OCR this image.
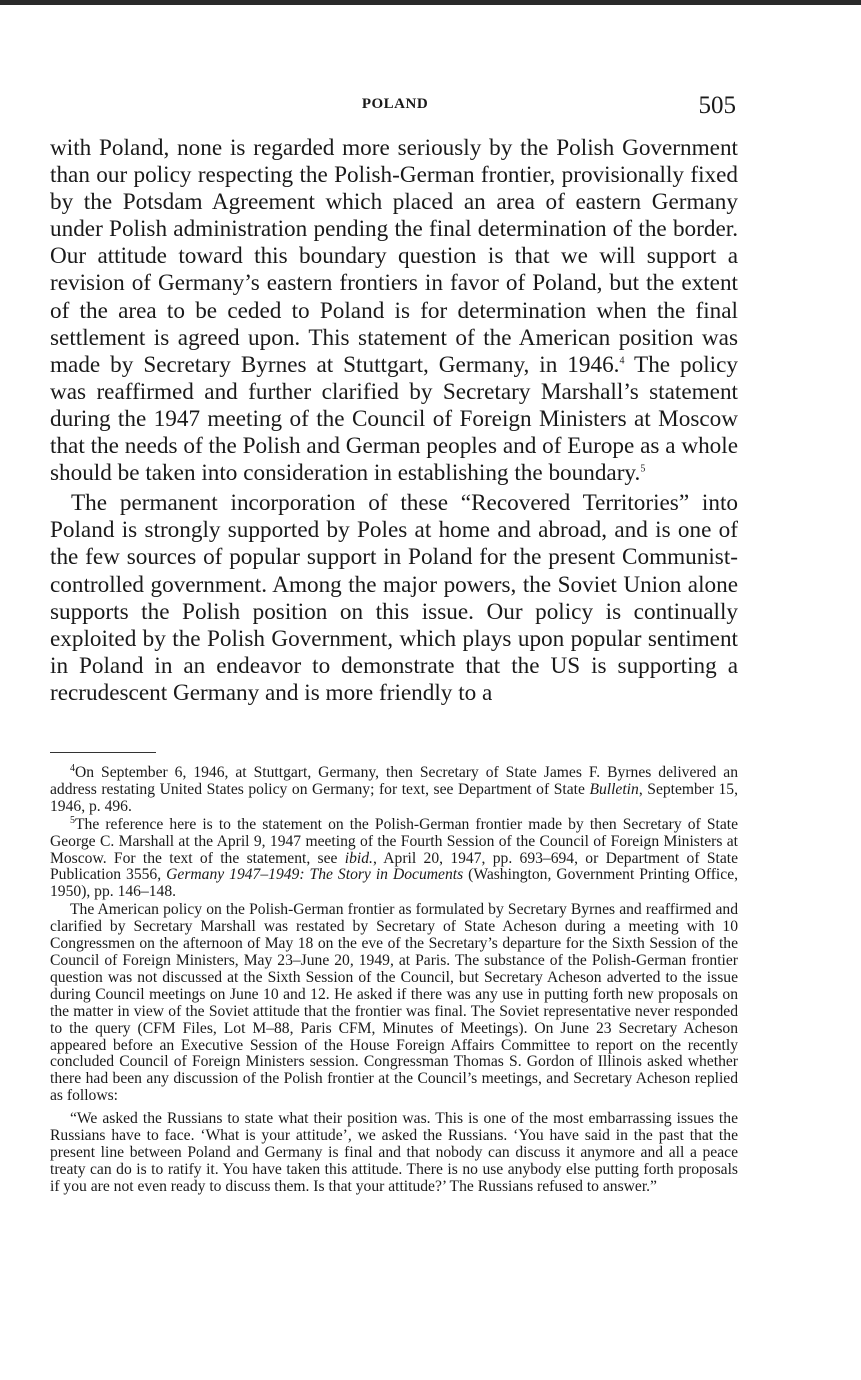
POLAND	505

with Poland, none is regarded more seriously by the Polish Government than our policy respecting the Polish-German frontier, provisionally fixed by the Potsdam Agreement which placed an area of eastern Germany under Polish administration pending the final determination of the border. Our attitude toward this boundary question is that we will support a revision of Germany’s eastern frontiers in favor of Poland, but the extent of the area to be ceded to Poland is for determination when the final settlement is agreed upon. This statement of the American position was made by Secretary Byrnes at Stuttgart, Germany, in 1946.$^4$ The policy was reaffirmed and further clarified by Secretary Marshall’s statement during the 1947 meeting of the Council of Foreign Ministers at Moscow that the needs of the Polish and German peoples and of Europe as a whole should be taken into consideration in establishing the boundary.$^5$

The permanent incorporation of these “Recovered Territories” into Poland is strongly supported by Poles at home and abroad, and is one of the few sources of popular support in Poland for the present Communist-controlled government. Among the major powers, the Soviet Union alone supports the Polish position on this issue. Our policy is continually exploited by the Polish Government, which plays upon popular sentiment in Poland in an endeavor to demonstrate that the US is supporting a recrudescent Germany and is more friendly to a

$^4$On September 6, 1946, at Stuttgart, Germany, then Secretary of State James F. Byrnes delivered an address restating United States policy on Germany; for text, see Department of State Bulletin, September 15, 1946, p. 496.

$^5$The reference here is to the statement on the Polish-German frontier made by then Secretary of State George C. Marshall at the April 9, 1947 meeting of the Fourth Session of the Council of Foreign Ministers at Moscow. For the text of the statement, see ibid., April 20, 1947, pp. 693–694, or Department of State Publication 3556, Germany 1947–1949: The Story in Documents (Washington, Government Printing Office, 1950), pp. 146–148.

The American policy on the Polish-German frontier as formulated by Secretary Byrnes and reaffirmed and clarified by Secretary Marshall was restated by Secretary of State Acheson during a meeting with 10 Congressmen on the afternoon of May 18 on the eve of the Secretary’s departure for the Sixth Session of the Council of Foreign Ministers, May 23–June 20, 1949, at Paris. The substance of the Polish-German frontier question was not discussed at the Sixth Session of the Council, but Secretary Acheson adverted to the issue during Council meetings on June 10 and 12. He asked if there was any use in putting forth new proposals on the matter in view of the Soviet attitude that the frontier was final. The Soviet representative never responded to the query (CFM Files, Lot M–88, Paris CFM, Minutes of Meetings). On June 23 Secretary Acheson appeared before an Executive Session of the House Foreign Affairs Committee to report on the recently concluded Council of Foreign Ministers session. Congressman Thomas S. Gordon of Illinois asked whether there had been any discussion of the Polish frontier at the Council’s meetings, and Secretary Acheson replied as follows:

“We asked the Russians to state what their position was. This is one of the most embarrassing issues the Russians have to face. ‘What is your attitude’, we asked the Russians. ‘You have said in the past that the present line between Poland and Germany is final and that nobody can discuss it anymore and all a peace treaty can do is to ratify it. You have taken this attitude. There is no use anybody else putting forth proposals if you are not even ready to discuss them. Is that your attitude?’ The Russians refused to answer.”
